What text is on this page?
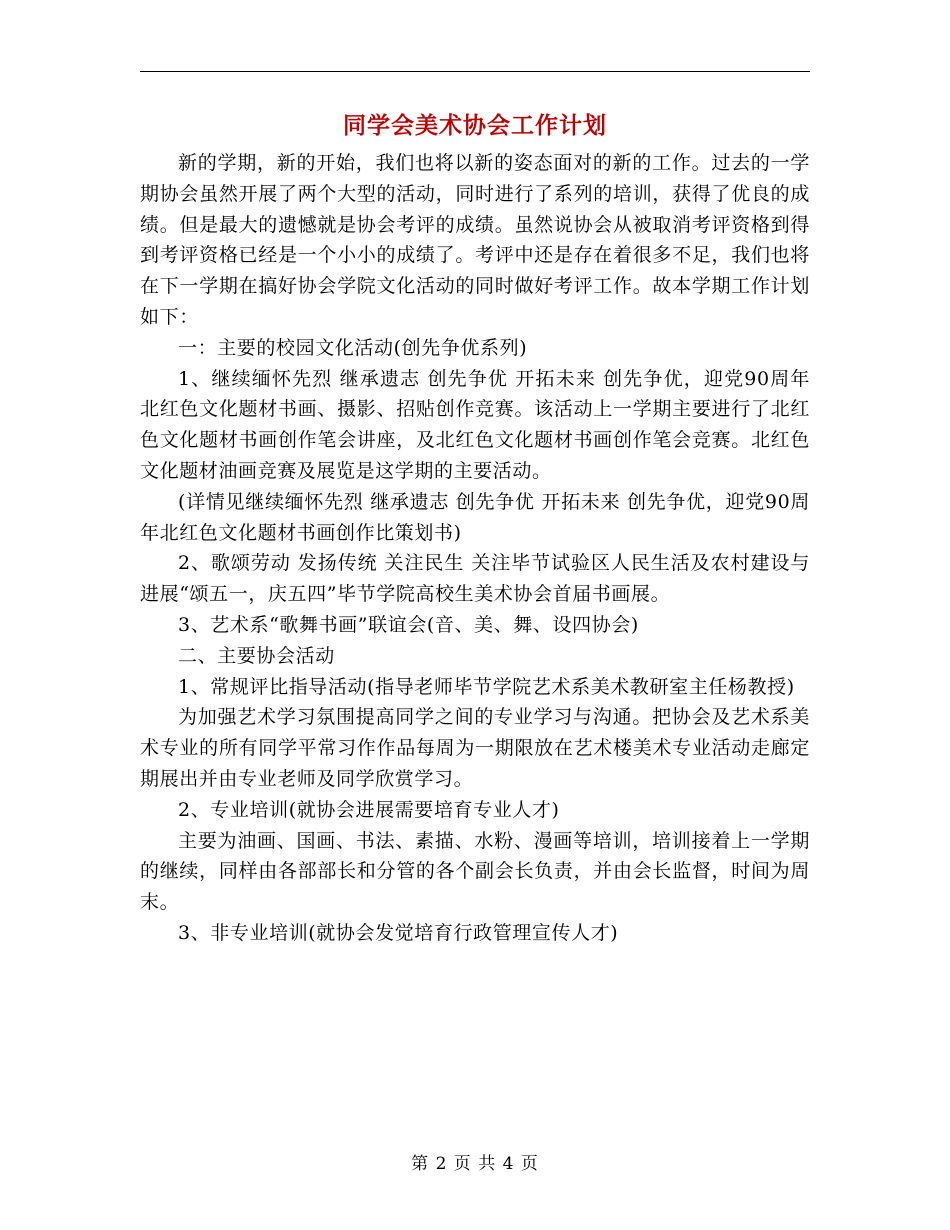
同学会美术协会工作计划

新的学期，新的开始，我们也将以新的姿态面对的新的工作。过去的一学期协会虽然开展了两个大型的活动，同时进行了系列的培训，获得了优良的成绩。但是最大的遗憾就是协会考评的成绩。虽然说协会从被取消考评资格到得到考评资格已经是一个小小的成绩了。考评中还是存在着很多不足，我们也将在下一学期在搞好协会学院文化活动的同时做好考评工作。故本学期工作计划如下：

一：主要的校园文化活动(创先争优系列)

1、继续缅怀先烈 继承遗志 创先争优 开拓未来 创先争优，迎党90周年北红色文化题材书画、摄影、招贴创作竞赛。该活动上一学期主要进行了北红色文化题材书画创作笔会讲座，及北红色文化题材书画创作笔会竞赛。北红色文化题材油画竞赛及展览是这学期的主要活动。

(详情见继续缅怀先烈 继承遗志 创先争优 开拓未来 创先争优，迎党90周年北红色文化题材书画创作比策划书)

2、歌颂劳动 发扬传统 关注民生 关注毕节试验区人民生活及农村建设与进展“颂五一，庆五四”毕节学院高校生美术协会首届书画展。

3、艺术系“歌舞书画”联谊会(音、美、舞、设四协会)

二、主要协会活动

1、常规评比指导活动(指导老师毕节学院艺术系美术教研室主任杨教授)

为加强艺术学习氛围提高同学之间的专业学习与沟通。把协会及艺术系美术专业的所有同学平常习作作品每周为一期限放在艺术楼美术专业活动走廊定期展出并由专业老师及同学欣赏学习。

2、专业培训(就协会进展需要培育专业人才)

主要为油画、国画、书法、素描、水粉、漫画等培训，培训接着上一学期的继续，同样由各部部长和分管的各个副会长负责，并由会长监督，时间为周末。

3、非专业培训(就协会发觉培育行政管理宣传人才)

第 2 页 共 4 页
